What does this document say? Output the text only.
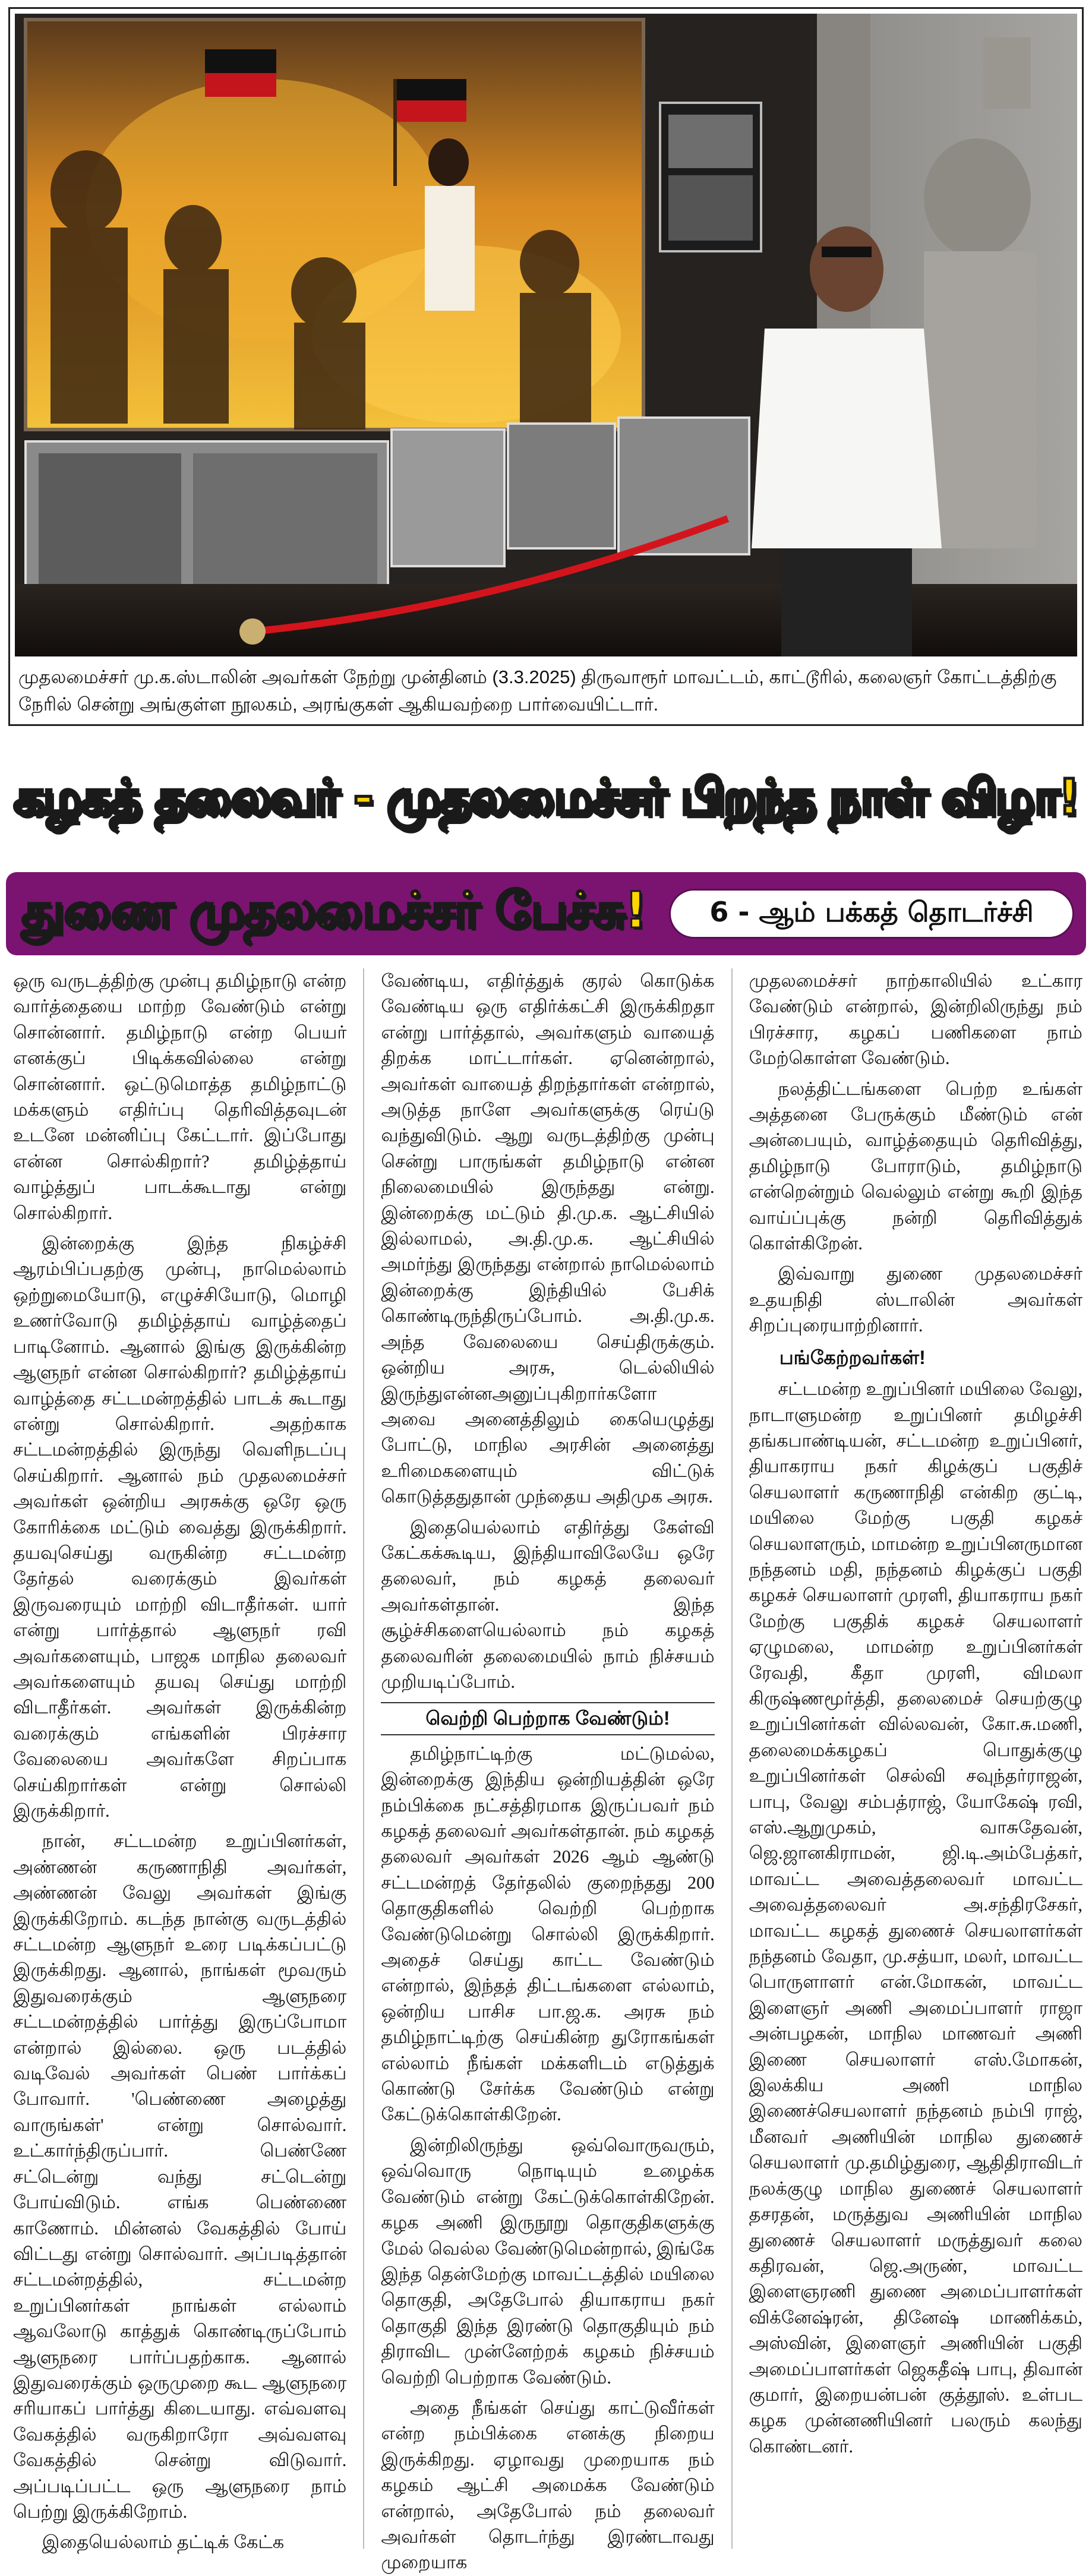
முதலமைச்சர் மு.க.ஸ்டாலின் அவர்கள் நேற்று முன்தினம் (3.3.2025) திருவாரூர் மாவட்டம், காட்டூரில், கலைஞர் கோட்டத்திற்கு நேரில் சென்று அங்குள்ள நூலகம், அரங்குகள் ஆகியவற்றை பார்வையிட்டார்.
கழகத் தலைவர் - முதலமைச்சர் பிறந்த நாள் விழா!
துணை முதலமைச்சர் பேச்சு!	6 - ஆம் பக்கத் தொடர்ச்சி

ஒரு வருடத்திற்கு முன்பு தமிழ்நாடு என்ற வார்த்தையை மாற்ற வேண்டும் என்று சொன்னார். தமிழ்நாடு என்ற பெயர் எனக்குப் பிடிக்கவில்லை என்று சொன்னார். ஒட்டுமொத்த தமிழ்நாட்டு மக்களும் எதிர்ப்பு தெரிவித்தவுடன் உடனே மன்னிப்பு கேட்டார். இப்போது என்ன சொல்கிறார்? தமிழ்த்தாய் வாழ்த்துப் பாடக்கூடாது என்று சொல்கிறார்.

இன்றைக்கு இந்த நிகழ்ச்சி ஆரம்பிப்பதற்கு முன்பு, நாமெல்லாம் ஒற்றுமையோடு, எழுச்சியோடு, மொழி உணர்வோடு தமிழ்த்தாய் வாழ்த்தைப் பாடினோம். ஆனால் இங்கு இருக்கின்ற ஆளுநர் என்ன சொல்கிறார்? தமிழ்த்தாய் வாழ்த்தை சட்டமன்றத்தில் பாடக் கூடாது என்று சொல்கிறார். அதற்காக சட்டமன்றத்தில் இருந்து வெளிநடப்பு செய்கிறார். ஆனால் நம் முதலமைச்சர் அவர்கள் ஒன்றிய அரசுக்கு ஒரே ஒரு கோரிக்கை மட்டும் வைத்து இருக்கிறார். தயவுசெய்து வருகின்ற சட்டமன்ற தேர்தல் வரைக்கும் இவர்கள் இருவரையும் மாற்றி விடாதீர்கள். யார் என்று பார்த்தால் ஆளுநர் ரவி அவர்களையும், பாஜக மாநில தலைவர் அவர்களையும் தயவு செய்து மாற்றி விடாதீர்கள். அவர்கள் இருக்கின்ற வரைக்கும் எங்களின் பிரச்சார வேலையை அவர்களே சிறப்பாக செய்கிறார்கள் என்று சொல்லி இருக்கிறார்.

நான், சட்டமன்ற உறுப்பினர்கள், அண்ணன் கருணாநிதி அவர்கள், அண்ணன் வேலு அவர்கள் இங்கு இருக்கிறோம். கடந்த நான்கு வருடத்தில் சட்டமன்ற ஆளுநர் உரை படிக்கப்பட்டு இருக்கிறது. ஆனால், நாங்கள் மூவரும் இதுவரைக்கும் ஆளுநரை சட்டமன்றத்தில் பார்த்து இருப்போமா என்றால் இல்லை. ஒரு படத்தில் வடிவேல் அவர்கள் பெண் பார்க்கப் போவார். 'பெண்ணை அழைத்து வாருங்கள்' என்று சொல்வார். உட்கார்ந்திருப்பார். பெண்ணே சட்டென்று வந்து சட்டென்று போய்விடும். எங்க பெண்ணை காணோம். மின்னல் வேகத்தில் போய் விட்டது என்று சொல்வார். அப்படித்தான் சட்டமன்றத்தில், சட்டமன்ற உறுப்பினர்கள் நாங்கள் எல்லாம் ஆவலோடு காத்துக் கொண்டிருப்போம் ஆளுநரை பார்ப்பதற்காக. ஆனால் இதுவரைக்கும் ஒருமுறை கூட ஆளுநரை சரியாகப் பார்த்து கிடையாது. எவ்வளவு வேகத்தில் வருகிறாரோ அவ்வளவு வேகத்தில் சென்று விடுவார். அப்படிப்பட்ட ஒரு ஆளுநரை நாம் பெற்று இருக்கிறோம்.

இதையெல்லாம் தட்டிக் கேட்க

வேண்டிய, எதிர்த்துக் குரல் கொடுக்க வேண்டிய ஒரு எதிர்க்கட்சி இருக்கிறதா என்று பார்த்தால், அவர்களும் வாயைத் திறக்க மாட்டார்கள். ஏனென்றால், அவர்கள் வாயைத் திறந்தார்கள் என்றால், அடுத்த நாளே அவர்களுக்கு ரெய்டு வந்துவிடும். ஆறு வருடத்திற்கு முன்பு சென்று பாருங்கள் தமிழ்நாடு என்ன நிலைமையில் இருந்தது என்று. இன்றைக்கு மட்டும் தி.மு.க. ஆட்சியில் இல்லாமல், அ.தி.மு.க. ஆட்சியில் அமர்ந்து இருந்தது என்றால் நாமெல்லாம் இன்றைக்கு இந்தியில் பேசிக் கொண்டிருந்திருப்போம். அ.தி.மு.க. அந்த வேலையை செய்திருக்கும். ஒன்றிய அரசு, டெல்லியில் இருந்துஎன்னஅனுப்புகிறார்களோ அவை அனைத்திலும் கையெழுத்து போட்டு, மாநில அரசின் அனைத்து உரிமைகளையும் விட்டுக் கொடுத்ததுதான் முந்தைய அதிமுக அரசு.

இதையெல்லாம் எதிர்த்து கேள்வி கேட்கக்கூடிய, இந்தியாவிலேயே ஒரே தலைவர், நம் கழகத் தலைவர் அவர்கள்தான். இந்த சூழ்ச்சிகளையெல்லாம் நம் கழகத் தலைவரின் தலைமையில் நாம் நிச்சயம் முறியடிப்போம்.

வெற்றி பெற்றாக வேண்டும்!

தமிழ்நாட்டிற்கு மட்டுமல்ல, இன்றைக்கு இந்திய ஒன்றியத்தின் ஒரே நம்பிக்கை நட்சத்திரமாக இருப்பவர் நம் கழகத் தலைவர் அவர்கள்தான். நம் கழகத் தலைவர் அவர்கள் 2026 ஆம் ஆண்டு சட்டமன்றத் தேர்தலில் குறைந்தது 200 தொகுதிகளில் வெற்றி பெற்றாக வேண்டுமென்று சொல்லி இருக்கிறார். அதைச் செய்து காட்ட வேண்டும் என்றால், இந்தத் திட்டங்களை எல்லாம், ஒன்றிய பாசிச பா.ஜ.க. அரசு நம் தமிழ்நாட்டிற்கு செய்கின்ற துரோகங்கள் எல்லாம் நீங்கள் மக்களிடம் எடுத்துக் கொண்டு சேர்க்க வேண்டும் என்று கேட்டுக்கொள்கிறேன்.

இன்றிலிருந்து ஒவ்வொருவரும், ஒவ்வொரு நொடியும் உழைக்க வேண்டும் என்று கேட்டுக்கொள்கிறேன். கழக அணி இருநூறு தொகுதிகளுக்கு மேல் வெல்ல வேண்டுமென்றால், இங்கே இந்த தென்மேற்கு மாவட்டத்தில் மயிலை தொகுதி, அதேபோல் தியாகராய நகர் தொகுதி இந்த இரண்டு தொகுதியும் நம் திராவிட முன்னேற்றக் கழகம் நிச்சயம் வெற்றி பெற்றாக வேண்டும்.

அதை நீங்கள் செய்து காட்டுவீர்கள் என்ற நம்பிக்கை எனக்கு நிறைய இருக்கிறது. ஏழாவது முறையாக நம் கழகம் ஆட்சி அமைக்க வேண்டும் என்றால், அதேபோல் நம் தலைவர் அவர்கள் தொடர்ந்து இரண்டாவது முறையாக

முதலமைச்சர் நாற்காலியில் உட்கார வேண்டும் என்றால், இன்றிலிருந்து நம் பிரச்சார, கழகப் பணிகளை நாம் மேற்கொள்ள வேண்டும்.

நலத்திட்டங்களை பெற்ற உங்கள் அத்தனை பேருக்கும் மீண்டும் என் அன்பையும், வாழ்த்தையும் தெரிவித்து, தமிழ்நாடு போராடும், தமிழ்நாடு என்றென்றும் வெல்லும் என்று கூறி இந்த வாய்ப்புக்கு நன்றி தெரிவித்துக் கொள்கிறேன்.

இவ்வாறு துணை முதலமைச்சர் உதயநிதி ஸ்டாலின் அவர்கள் சிறப்புரையாற்றினார்.

பங்கேற்றவர்கள்!

சட்டமன்ற உறுப்பினர் மயிலை வேலு, நாடாளுமன்ற உறுப்பினர் தமிழச்சி தங்கபாண்டியன், சட்டமன்ற உறுப்பினர், தியாகராய நகர் கிழக்குப் பகுதிச் செயலாளர் கருணாநிதி என்கிற குட்டி, மயிலை மேற்கு பகுதி கழகச் செயலாளரும், மாமன்ற உறுப்பினருமான நந்தனம் மதி, நந்தனம் கிழக்குப் பகுதி கழகச் செயலாளர் முரளி, தியாகராய நகர் மேற்கு பகுதிக் கழகச் செயலாளர் ஏழுமலை, மாமன்ற உறுப்பினர்கள் ரேவதி, கீதா முரளி, விமலா கிருஷ்ணமூர்த்தி, தலைமைச் செயற்குழு உறுப்பினர்கள் வில்லவன், கோ.சு.மணி, தலைமைக்கழகப் பொதுக்குழு உறுப்பினர்கள் செல்வி சவுந்தர்ராஜன், பாபு, வேலு சம்பத்ராஜ், யோகேஷ் ரவி, எஸ்.ஆறுமுகம், வாசுதேவன், ஜெ.ஜானகிராமன், ஜி.டி.அம்பேத்கர், மாவட்ட அவைத்தலைவர் மாவட்ட அவைத்தலைவர் அ.சந்திரசேகர், மாவட்ட கழகத் துணைச் செயலாளர்கள் நந்தனம் வேதா, மு.சத்யா, மலர், மாவட்ட பொருளாளர் என்.மோகன், மாவட்ட இளைஞர் அணி அமைப்பாளர் ராஜா அன்பழகன், மாநில மாணவர் அணி இணை செயலாளர் எஸ்.மோகன், இலக்கிய அணி மாநில இணைச்செயலாளர் நந்தனம் நம்பி ராஜ், மீனவர் அணியின் மாநில துணைச் செயலாளர் மு.தமிழ்துரை, ஆதிதிராவிடர் நலக்குழு மாநில துணைச் செயலாளர் தசரதன், மருத்துவ அணியின் மாநில துணைச் செயலாளர் மருத்துவர் கலை கதிரவன், ஜெ.அருண், மாவட்ட இளைஞரணி துணை அமைப்பாளர்கள் விக்னேஷ்ரன், தினேஷ் மாணிக்கம், அஸ்வின், இளைஞர் அணியின் பகுதி அமைப்பாளர்கள் ஜெகதீஷ் பாபு, திவான் குமார், இறையன்பன் குத்தூஸ். உள்பட கழக முன்னணியினர் பலரும் கலந்து கொண்டனர்.
